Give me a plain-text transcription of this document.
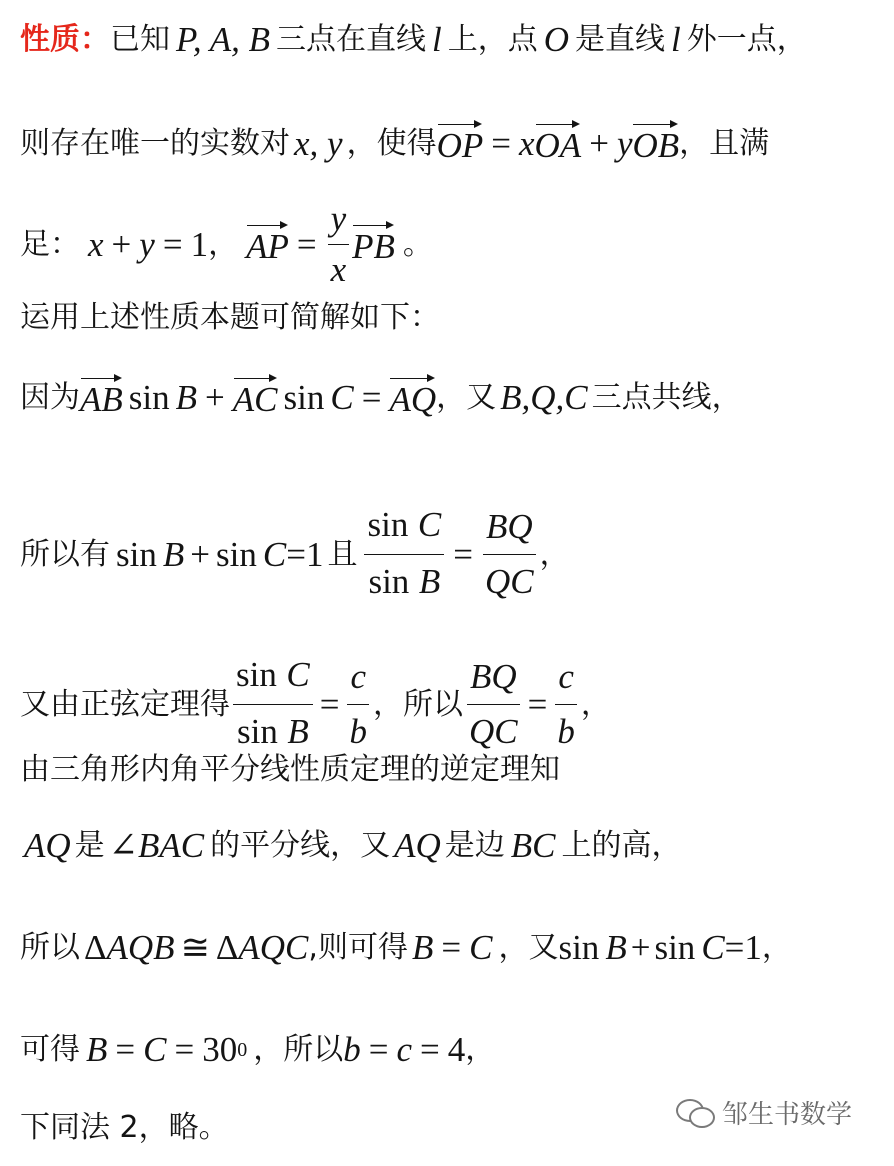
性质： 已知 P, A, B 三点在直线 l 上，点 O 是直线 l 外一点，
则存在唯一的实数对 x, y ，使得 OP = x OA + y OB ，且满
足： x + y = 1 ， AP = $\frac{y}{x}$ PB 。
运用上述性质本题可简解如下：
因为 AB sin B + AC sin C = AQ ，又 B,Q,C 三点共线，
所以有 sin B + sin C =1 且 $\frac{\text{sin C}}{\text{sin B}} = \frac{BQ}{QC}$ ，
又由正弦定理得 $\frac{\text{sin C}}{\text{sin B}} = \frac{c}{b}$ ，所以 $\frac{BQ}{QC} = \frac{c}{b}$ ，
由三角形内角平分线性质定理的逆定理知
AQ 是 ∠ BAC 的平分线，又 AQ 是边 BC 上的高，
所以 Δ AQB ≅ Δ AQC ,则可得 B = C ，又 sin B + sin C =1 ，
可得 B = C = 30 0 ，所以 b = c = 4 ，
下同法 2，略。	邹生书数学
